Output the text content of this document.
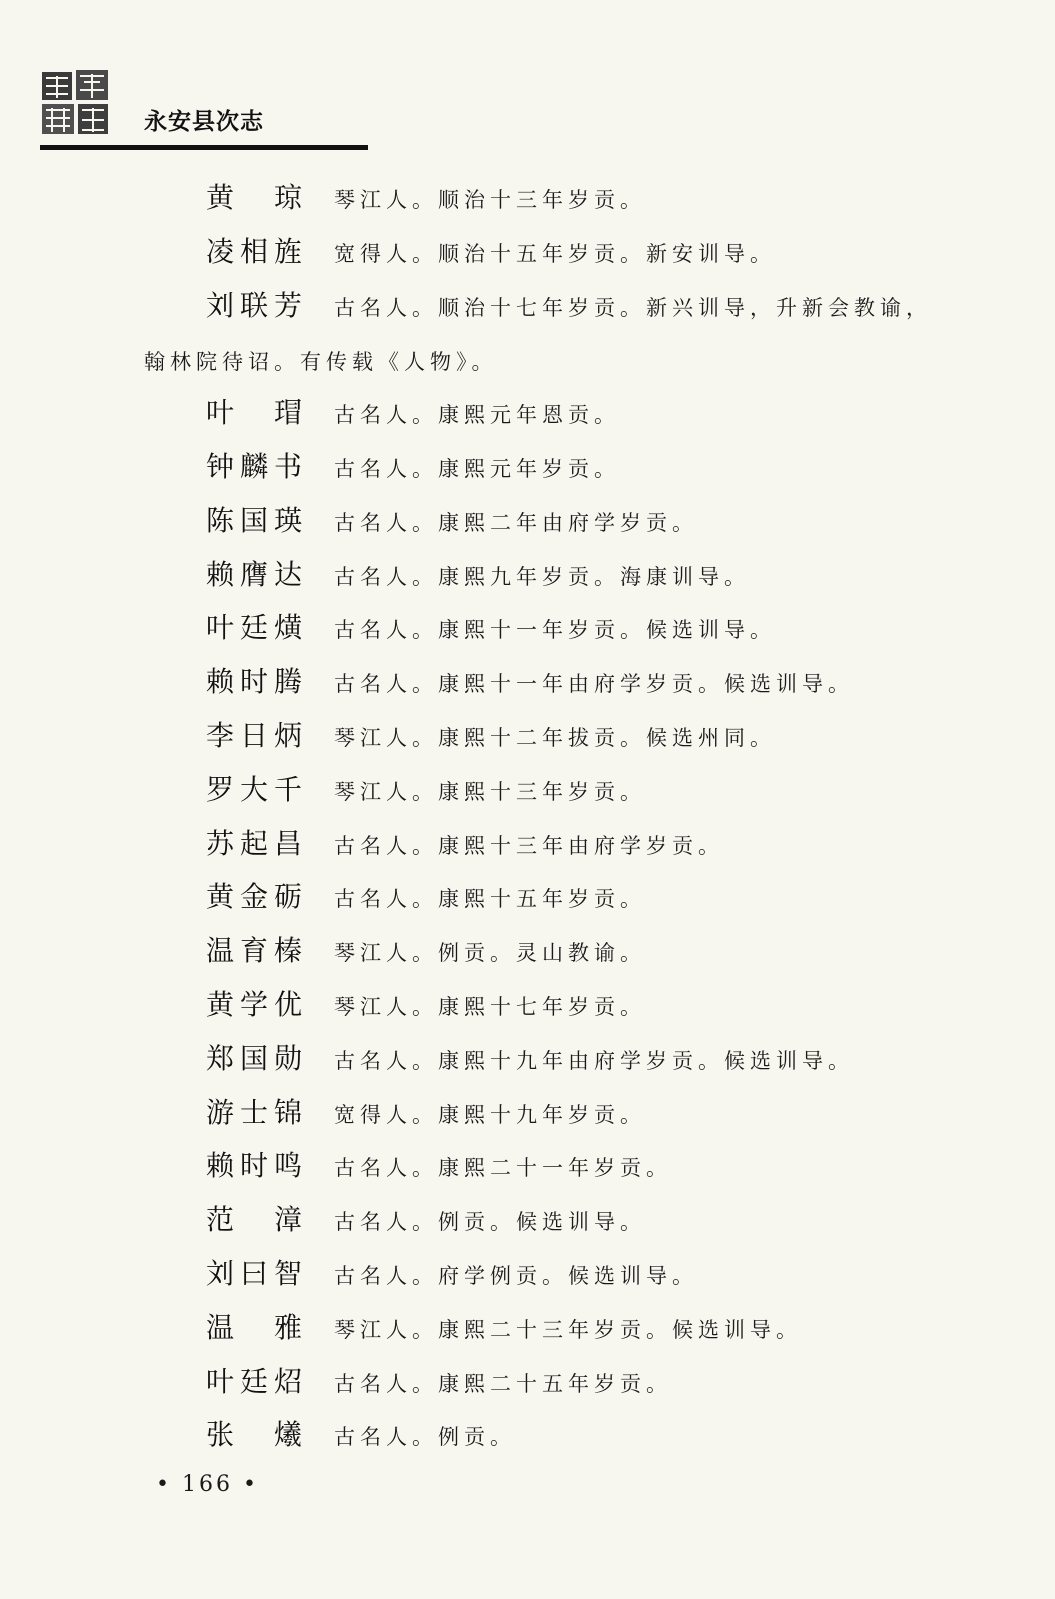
永安县次志
黄 琼 琴江人。顺治十三年岁贡。
凌相旌 宽得人。顺治十五年岁贡。新安训导。
刘联芳 古名人。顺治十七年岁贡。新兴训导，升新会教谕，
翰林院待诏。有传载《人物》。
叶 瑁 古名人。康熙元年恩贡。
钟麟书 古名人。康熙元年岁贡。
陈国瑛 古名人。康熙二年由府学岁贡。
赖膺达 古名人。康熙九年岁贡。海康训导。
叶廷熿 古名人。康熙十一年岁贡。候选训导。
赖时腾 古名人。康熙十一年由府学岁贡。候选训导。
李日炳 琴江人。康熙十二年拔贡。候选州同。
罗大千 琴江人。康熙十三年岁贡。
苏起昌 古名人。康熙十三年由府学岁贡。
黄金砺 古名人。康熙十五年岁贡。
温育榛 琴江人。例贡。灵山教谕。
黄学优 琴江人。康熙十七年岁贡。
郑国勋 古名人。康熙十九年由府学岁贡。候选训导。
游士锦 宽得人。康熙十九年岁贡。
赖时鸣 古名人。康熙二十一年岁贡。
范 漳 古名人。例贡。候选训导。
刘曰智 古名人。府学例贡。候选训导。
温 雅 琴江人。康熙二十三年岁贡。候选训导。
叶廷炤 古名人。康熙二十五年岁贡。
张 爔 古名人。例贡。
• 166 •
